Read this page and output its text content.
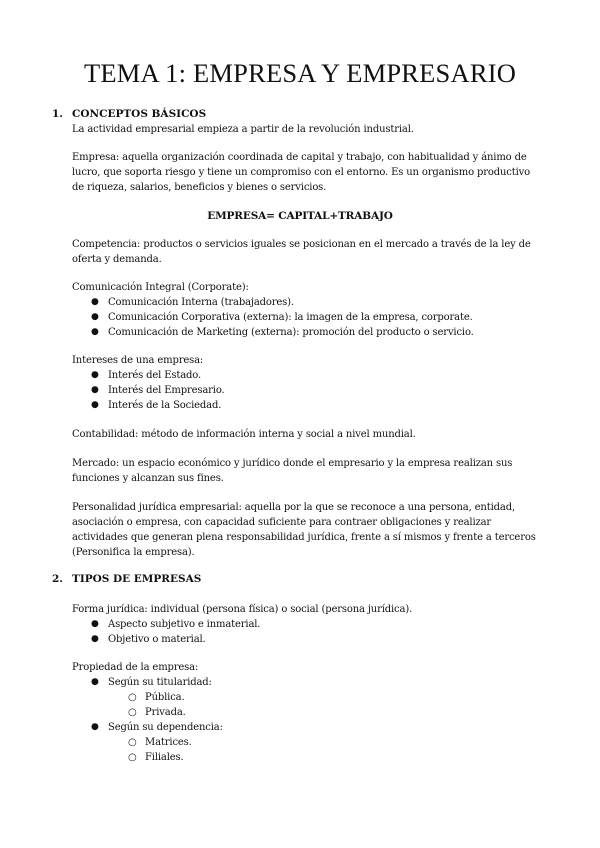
TEMA 1: EMPRESA Y EMPRESARIO
1. CONCEPTOS BÁSICOS
La actividad empresarial empieza a partir de la revolución industrial.
Empresa: aquella organización coordinada de capital y trabajo, con habitualidad y ánimo de
lucro, que soporta riesgo y tiene un compromiso con el entorno. Es un organismo productivo
de riqueza, salarios, beneficios y bienes o servicios.
EMPRESA= CAPITAL+TRABAJO
Competencia: productos o servicios iguales se posicionan en el mercado a través de la ley de
oferta y demanda.
Comunicación Integral (Corporate):
● Comunicación Interna (trabajadores).
● Comunicación Corporativa (externa): la imagen de la empresa, corporate.
● Comunicación de Marketing (externa): promoción del producto o servicio.
Intereses de una empresa:
● Interés del Estado.
● Interés del Empresario.
● Interés de la Sociedad.
Contabilidad: método de información interna y social a nivel mundial.
Mercado: un espacio económico y jurídico donde el empresario y la empresa realizan sus
funciones y alcanzan sus fines.
Personalidad jurídica empresarial: aquella por la que se reconoce a una persona, entidad,
asociación o empresa, con capacidad suficiente para contraer obligaciones y realizar
actividades que generan plena responsabilidad jurídica, frente a sí mismos y frente a terceros
(Personifica la empresa).
2. TIPOS DE EMPRESAS
Forma jurídica: individual (persona física) o social (persona jurídica).
● Aspecto subjetivo e inmaterial.
● Objetivo o material.
Propiedad de la empresa:
● Según su titularidad:
○ Pública.
○ Privada.
● Según su dependencia:
○ Matrices.
○ Filiales.
